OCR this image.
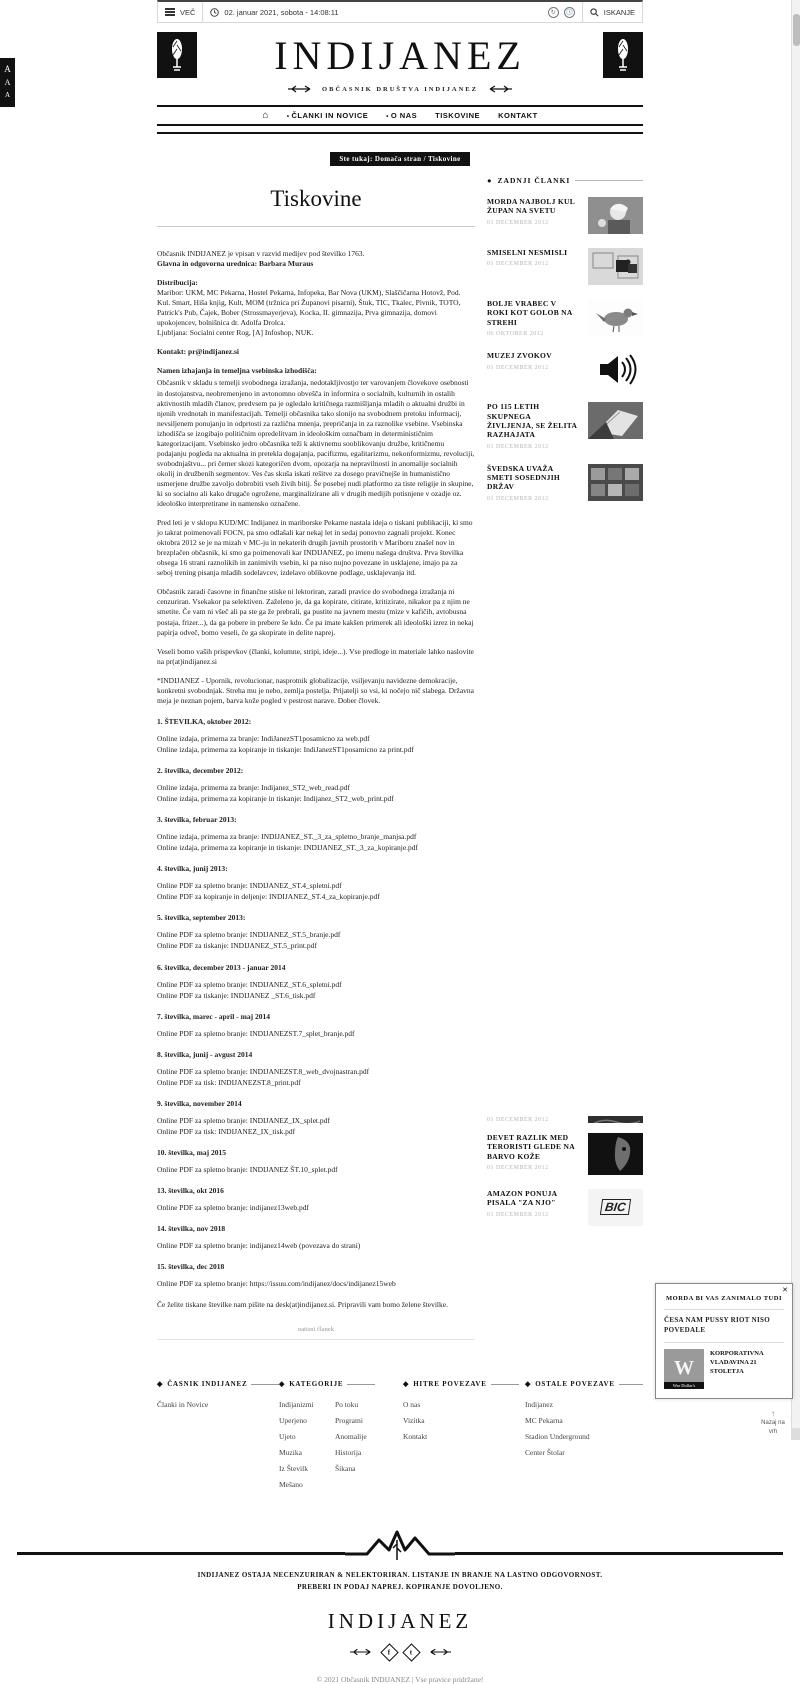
A
A
A
VEČ	02. januar 2021, sobota - 14:08:11	↻	🕓	ISKANJE
INDIJANEZ
OBČASNIK DRUŠTVA INDIJANEZ
⌂	• ČLANKI IN NOVICE	• O NAS TISKOVINE KONTAKT
Ste tukaj: Domača stran / Tiskovine
Tiskovine

Občasnik INDIJANEZ je vpisan v razvid medijev pod številko 1763.
Glavna in odgovorna urednica: Barbara Muraus

Distribucija:
Maribor: UKM, MC Pekarna, Hostel Pekarna, Infopeka, Bar Nova (UKM), Slaščičarna Hotovž, Pod. Kul. Smart, Hiša knjig, Kult, MOM (tržnica pri Županovi pisarni), Štuk, TIC, Tkalec, Pivnik, TOTO, Patrick's Pub, Čajek, Bober (Strossmayerjeva), Kocka, II. gimnazija, Prva gimnazija, domovi upokojencev, bolnišnica dr. Adolfa Drolca.
Ljubljana: Socialni center Rog, [A] Infoshop, NUK.

Kontakt: pr@indijanez.si

Namen izhajanja in temeljna vsebinska izhodišča:

Občasnik v skladu s temelji svobodnega izražanja, nedotakljivostjo ter varovanjem človekove osebnosti in dostojanstva, neobremenjeno in avtonomno obvešča in informira o socialnih, kulturnih in ostalih aktivnostih mladih članov, predvsem pa je ogledalo kritičnega razmišljanja mladih o aktualni družbi in njenih vrednotah in manifestacijah. Temelji občasnika tako slonijo na svobodnem pretoku informacij, nevsiljenem ponujanju in odprtosti za različna mnenja, prepričanja in za raznolike vsebine. Vsebinska izhodišča se izogibajo političnim opredelitvam in ideološkim označbam in determinističnim kategorizacijam. Vsebinsko jedro občasnika teži k aktivnemu sooblikovanju družbe, kritičnemu podajanju pogleda na aktualna in pretekla dogajanja, pacifizmu, egalitarizmu, nekonformizmu, revoluciji, svobodnjaštvu... pri čemer skozi kategoričen dvom, opozarja na nepravilnosti in anomalije socialnih okolij in družbenih segmentov. Ves čas skuša iskati rešitve za dosego pravičnejše in humanistično usmerjene družbe zavoljo dobrobiti vseh živih bitij. Še posebej nudi platformo za tiste religije in skupine, ki so socialno ali kako drugače ogrožene, marginalizirane ali v drugih medijih potisnjene v ozadje oz. ideološko interpretirane in namensko označene.

Pred leti je v sklopu KUD/MC Indijanez in mariborske Pekarne nastala ideja o tiskani publikaciji, ki smo jo takrat poimenovali FOCN, pa smo odlašali kar nekaj let in sedaj ponovno zagnali projekt. Konec oktobra 2012 se je na mizah v MC-ju in nekaterih drugih javnih prostorih v Mariboru znašel nov in brezplačen občasnik, ki smo ga poimenovali kar INDIJANEZ, po imenu našega društva. Prva številka obsega 16 strani raznolikih in zanimivih vsebin, ki pa niso nujno povezane in usklajene, imajo pa za seboj trening pisanja mladih sodelavcev, izdelavo oblikovne podlage, usklajevanja itd.

Občasnik zaradi časovne in finančne stiske ni lektoriran, zaradi pravice do svobodnega izražanja ni cenzuriran. Vsekakor pa selektiven. Zaželeno je, da ga kopirate, citirate, kritizirate, nikakor pa z njim ne smetite. Če vam ni všeč ali pa ste ga že prebrali, ga pustite na javnem mestu (mize v kafičih, avtobusna postaja, frizer...), da ga pobere in prebere še kdo. Če pa imate kakšen primerek ali ideološki izrez in nekaj papirja odveč, bomo veseli, če ga skopirate in delite naprej.

Veseli bomo vaših prispevkov (članki, kolumne, stripi, ideje...). Vse predloge in materiale lahko naslovite na pr(at)indijanez.si

*INDIJANEZ - Upornik, revolucionar, nasprotnik globalizacije, vsiljevanju navidezne demokracije, konkretni svobodnjak. Streha mu je nebo, zemlja postelja. Prijatelji so vsi, ki nočejo nič slabega. Državna meja je neznan pojem, barva kože pogled v pestrost narave. Dober človek.

1. ŠTEVILKA, oktober 2012:
Online izdaja, primerna za branje: IndiJanezST1posamicno za web.pdf
Online izdaja, primerna za kopiranje in tiskanje: IndiJanezST1posamicno za print.pdf
2. številka, december 2012:
Online izdaja, primerna za branje: Indijanez_ST2_web_read.pdf
Online izdaja, primerna za kopiranje in tiskanje: Indijanez_ST2_web_print.pdf
3. številka, februar 2013:
Online izdaja, primerna za branje: INDIJANEZ_ST._3_za_spletno_branje_manjsa.pdf
Online izdaja, primerna za kopiranje in tiskanje: INDIJANEZ_ST._3_za_kopiranje.pdf
4. številka, junij 2013:
Online PDF za spletno branje: INDIJANEZ_ST.4_spletni.pdf
Online PDF za kopiranje in deljenje: INDIJANEZ_ST.4_za_kopiranje.pdf
5. številka, september 2013:
Online PDF za spletno branje: INDIJANEZ_ST.5_branje.pdf
Online PDF za tiskanje: INDIJANEZ_ST.5_print.pdf
6. številka, december 2013 - januar 2014
Online PDF za spletno branje: INDIJANEZ_ST.6_spletni.pdf
Online PDF za tiskanje: INDIJANEZ _ST.6_tisk.pdf
7. številka, marec - april - maj 2014
Online PDF za spletno branje: INDIJANEZST.7_splet_branje.pdf
8. številka, junij - avgust 2014
Online PDF za spletno branje: INDIJANEZST.8_web_dvojnastran.pdf
Online PDF za tisk: INDIJANEZST.8_print.pdf
9. številka, november 2014
Online PDF za spletno branje: INDIJANEZ_IX_splet.pdf
Online PDF za tisk: INDIJANEZ_IX_tisk.pdf
10. številka, maj 2015
Online PDF za spletno branje: INDIJANEZ ŠT.10_splet.pdf
13. številka, okt 2016
Online PDF za spletno branje: indijanez13web.pdf
14. številka, nov 2018
Online PDF za spletno branje: indijanez14web (povezava do strani)
15. številka, dec 2018
Online PDF za spletno branje: https://issuu.com/indijanez/docs/indijanez15web

Če želite tiskane številke nam pišite na desk(at)indijanez.si. Pripravili vam bomo želene številke.

natisni članek
● ZADNJI ČLANKI
MORDA NAJBOLJ KUL ŽUPAN NA SVETU
01 DECEMBER 2012
SMISELNI NESMISLI
01 DECEMBER 2012
BOLJE VRABEC V ROKI KOT GOLOB NA STREHI
06 OKTOBER 2012
MUZEJ ZVOKOV
01 DECEMBER 2012
PO 115 LETIH SKUPNEGA ŽIVLJENJA, SE ŽELITA RAZHAJATA
01 DECEMBER 2012
ŠVEDSKA UVAŽA SMETI SOSEDNJIH DRŽAV
01 DECEMBER 2012
01 DECEMBER 2012
DEVET RAZLIK MED TERORISTI GLEDE NA BARVO KOŽE
01 DECEMBER 2012
AMAZON PONUJA PISALA "ZA NJO"
01 DECEMBER 2012
BIC
◆ ČASNIK INDIJANEZ
Članki in Novice
◆ KATEGORIJE
Indijanizmi
Uperjeno
Ujeto
Muzika
Iz Številk
Mešano
Po toku
Programi
Anomalije
Historija
Šikana
◆ HITRE POVEZAVE
O nas
Vizitka
Kontakt
◆ OSTALE POVEZAVE
Indijanez
MC Pekarna
Stadion Underground
Center Štolar
INDIJANEZ OSTAJA NECENZURIRAN & NELEKTORIRAN. LISTANJE IN BRANJE NA LASTNO ODGOVORNOST.
PREBERI IN PODAJ NAPREJ. KOPIRANJE DOVOLJENO.
INDIJANEZ
f	t
© 2021 Občasnik INDIJANEZ | Vse pravice pridržane!
✕
MORDA BI VAS ZANIMALO TUDI
ČESA NAM PUSSY RIOT NISO POVEDALE
W
War Dollar's
KORPORATIVNA VLADAVINA 21 STOLETJA
↑
Nazaj na vrh
